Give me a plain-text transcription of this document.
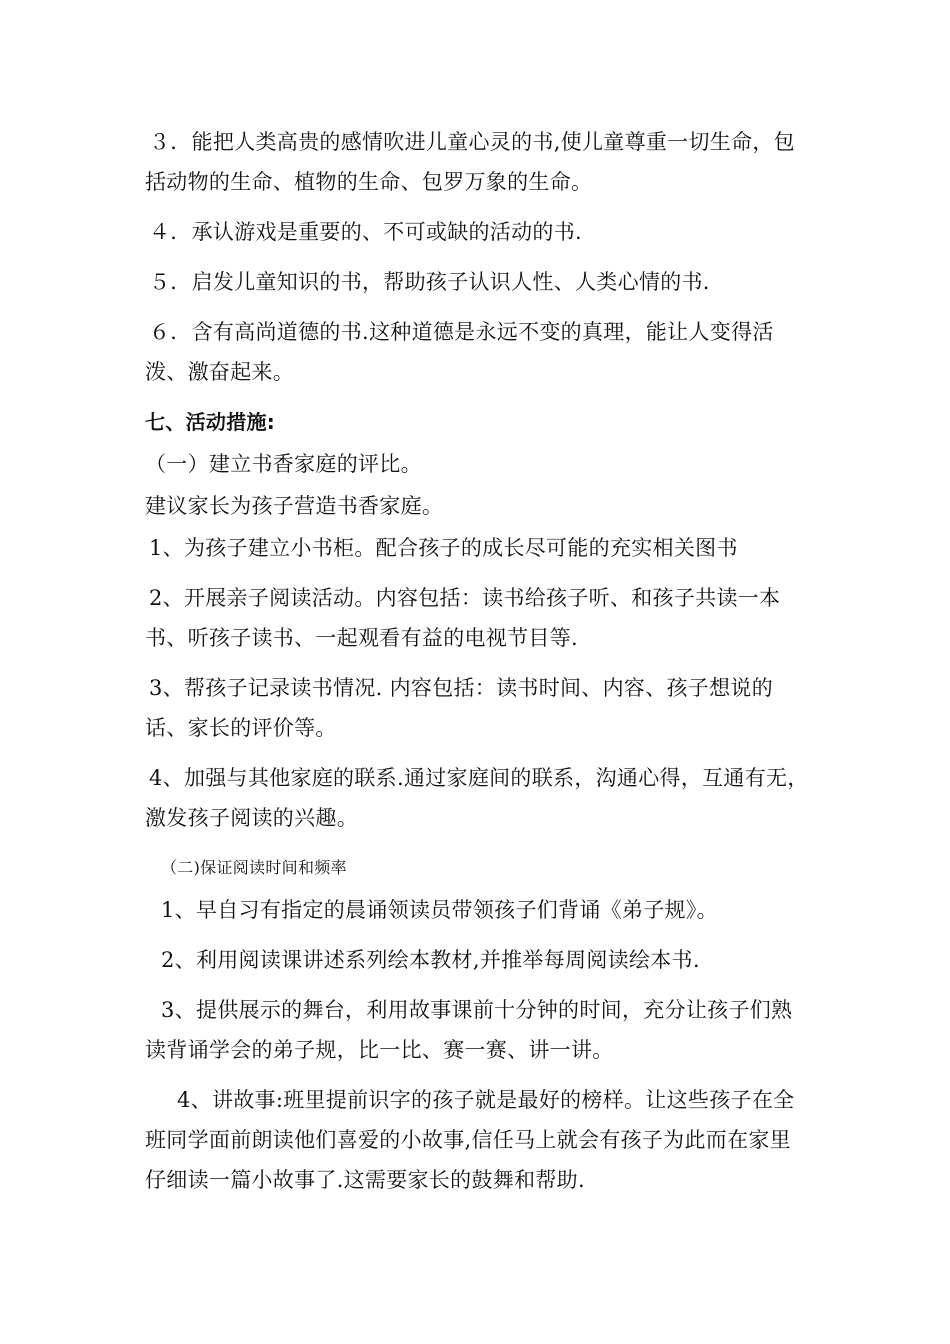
３．能把人类高贵的感情吹进儿童心灵的书,使儿童尊重一切生命，包括动物的生命、植物的生命、包罗万象的生命。

４．承认游戏是重要的、不可或缺的活动的书.

５．启发儿童知识的书，帮助孩子认识人性、人类心情的书.

６．含有高尚道德的书.这种道德是永远不变的真理，能让人变得活泼、激奋起来。

七、活动措施:

（一）建立书香家庭的评比。

建议家长为孩子营造书香家庭。

1、为孩子建立小书柜。配合孩子的成长尽可能的充实相关图书

2、开展亲子阅读活动。内容包括：读书给孩子听、和孩子共读一本书、听孩子读书、一起观看有益的电视节目等.

3、帮孩子记录读书情况. 内容包括：读书时间、内容、孩子想说的话、家长的评价等。

4、加强与其他家庭的联系.通过家庭间的联系，沟通心得，互通有无，激发孩子阅读的兴趣。

（二)保证阅读时间和频率

1、早自习有指定的晨诵领读员带领孩子们背诵《弟子规》。

2、利用阅读课讲述系列绘本教材,并推举每周阅读绘本书.

3、提供展示的舞台，利用故事课前十分钟的时间，充分让孩子们熟读背诵学会的弟子规，比一比、赛一赛、讲一讲。

4、讲故事:班里提前识字的孩子就是最好的榜样。让这些孩子在全班同学面前朗读他们喜爱的小故事,信任马上就会有孩子为此而在家里仔细读一篇小故事了.这需要家长的鼓舞和帮助.
